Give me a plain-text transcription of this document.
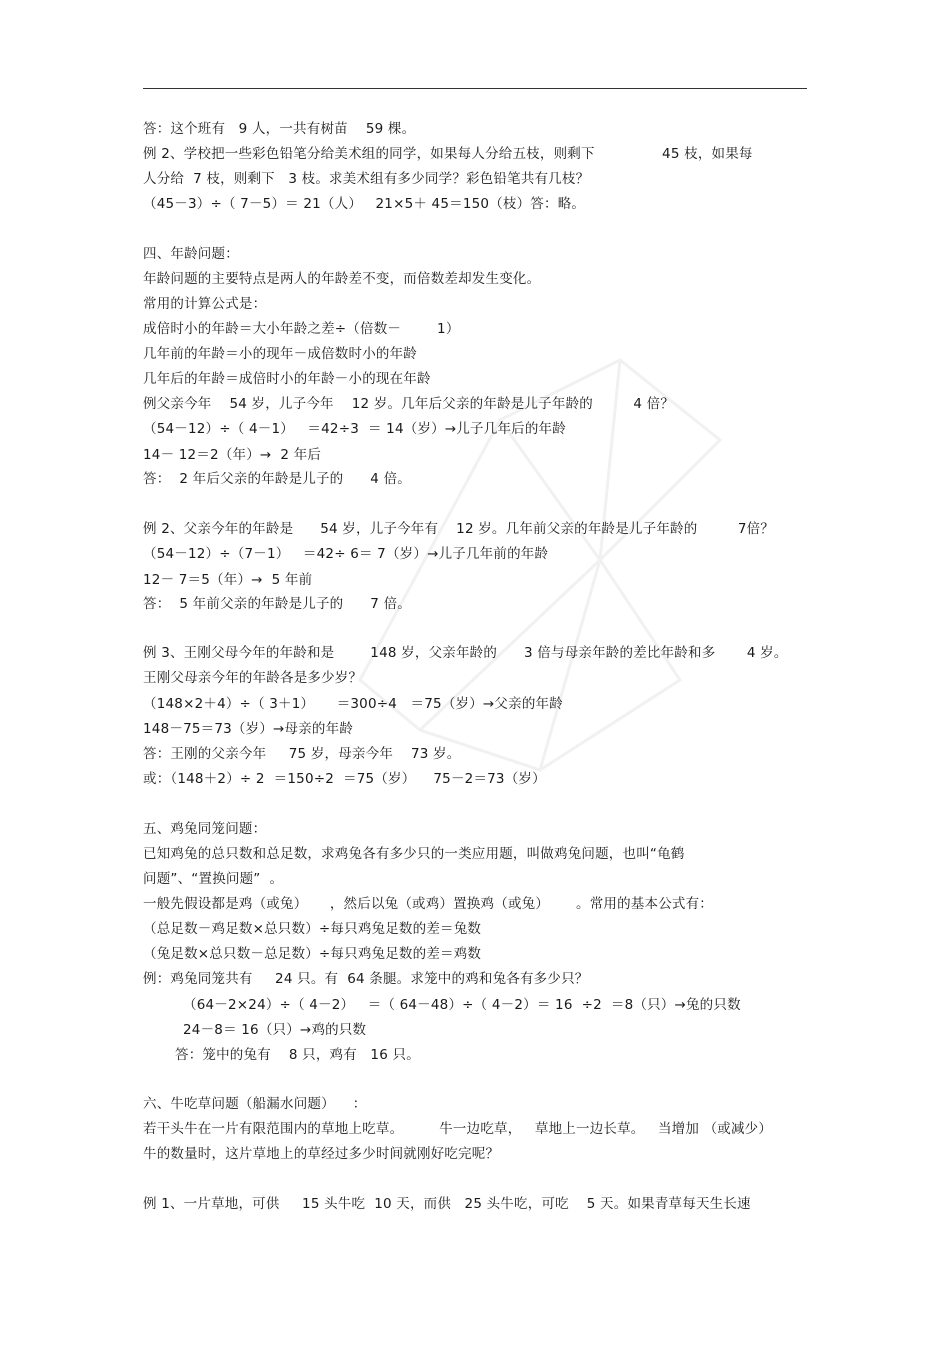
答：这个班有   9 人，一共有树苗    59 棵。
例 2、学校把一些彩色铅笔分给美术组的同学，如果每人分给五枝，则剩下               45 枝，如果每
人分给  7 枝，则剩下   3 枝。求美术组有多少同学？彩色铅笔共有几枝？
（45－3）÷（ 7－5）＝ 21（人）   21×5＋ 45＝150（枝）答：略。
四、年龄问题：
年龄问题的主要特点是两人的年龄差不变，而倍数差却发生变化。
常用的计算公式是：
成倍时小的年龄＝大小年龄之差÷（倍数－        1）
几年前的年龄＝小的现年－成倍数时小的年龄
几年后的年龄＝成倍时小的年龄－小的现在年龄
例父亲今年    54 岁，儿子今年    12 岁。几年后父亲的年龄是儿子年龄的         4 倍？
（54－12）÷（ 4－1）   ＝42÷3  ＝ 14（岁）→儿子几年后的年龄
14－ 12＝2（年）→  2 年后
答：  2 年后父亲的年龄是儿子的      4 倍。
例 2、父亲今年的年龄是      54 岁，儿子今年有    12 岁。几年前父亲的年龄是儿子年龄的         7倍？
（54－12）÷（7－1）   ＝42÷ 6＝ 7（岁）→儿子几年前的年龄
12－ 7＝5（年）→  5 年前
答：  5 年前父亲的年龄是儿子的      7 倍。
例 3、王刚父母今年的年龄和是        148 岁，父亲年龄的      3 倍与母亲年龄的差比年龄和多       4 岁。
王刚父母亲今年的年龄各是多少岁？
（148×2＋4）÷（ 3＋1）     ＝300÷4   ＝75（岁）→父亲的年龄
148－75＝73（岁）→母亲的年龄
答：王刚的父亲今年     75 岁，母亲今年    73 岁。
或：（148＋2）÷ 2  ＝150÷2  ＝75（岁）    75－2＝73（岁）
五、鸡兔同笼问题：
已知鸡兔的总只数和总足数，求鸡兔各有多少只的一类应用题，叫做鸡兔问题，也叫“龟鹤
问题”、“置换问题”  。
一般先假设都是鸡（或兔）     ，然后以兔（或鸡）置换鸡（或兔）      。常用的基本公式有：
（总足数－鸡足数×总只数）÷每只鸡兔足数的差＝兔数
（兔足数×总只数－总足数）÷每只鸡兔足数的差＝鸡数
例：鸡兔同笼共有     24 只。有  64 条腿。求笼中的鸡和兔各有多少只？
（64－2×24）÷（ 4－2）   ＝（ 64－48）÷（ 4－2）＝ 16  ÷2  ＝8（只）→兔的只数
24－8＝ 16（只）→鸡的只数
答：笼中的兔有    8 只，鸡有   16 只。
六、牛吃草问题（船漏水问题）    ：
若干头牛在一片有限范围内的草地上吃草。        牛一边吃草，   草地上一边长草。   当增加 （或减少）
牛的数量时，这片草地上的草经过多少时间就刚好吃完呢？
例 1、一片草地，可供     15 头牛吃  10 天，而供   25 头牛吃，可吃    5 天。如果青草每天生长速
